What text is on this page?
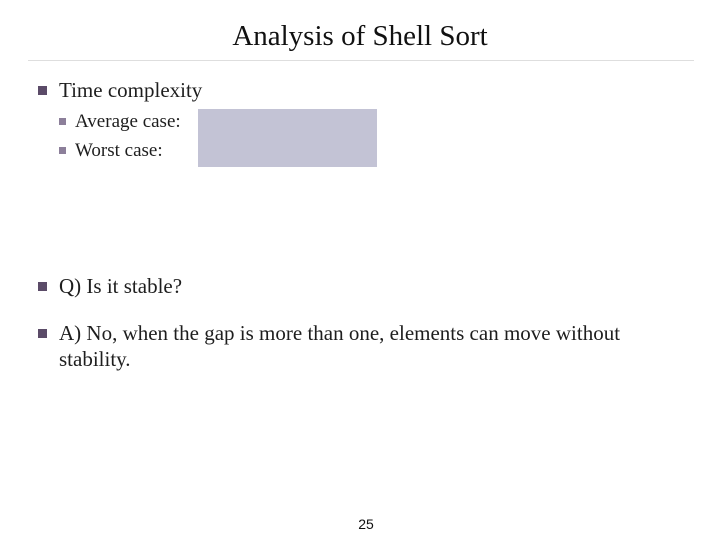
Analysis of Shell Sort
Time complexity
Average case:
Worst case:
Q) Is it stable?
A) No, when the gap is more than one, elements can move without stability.
25
